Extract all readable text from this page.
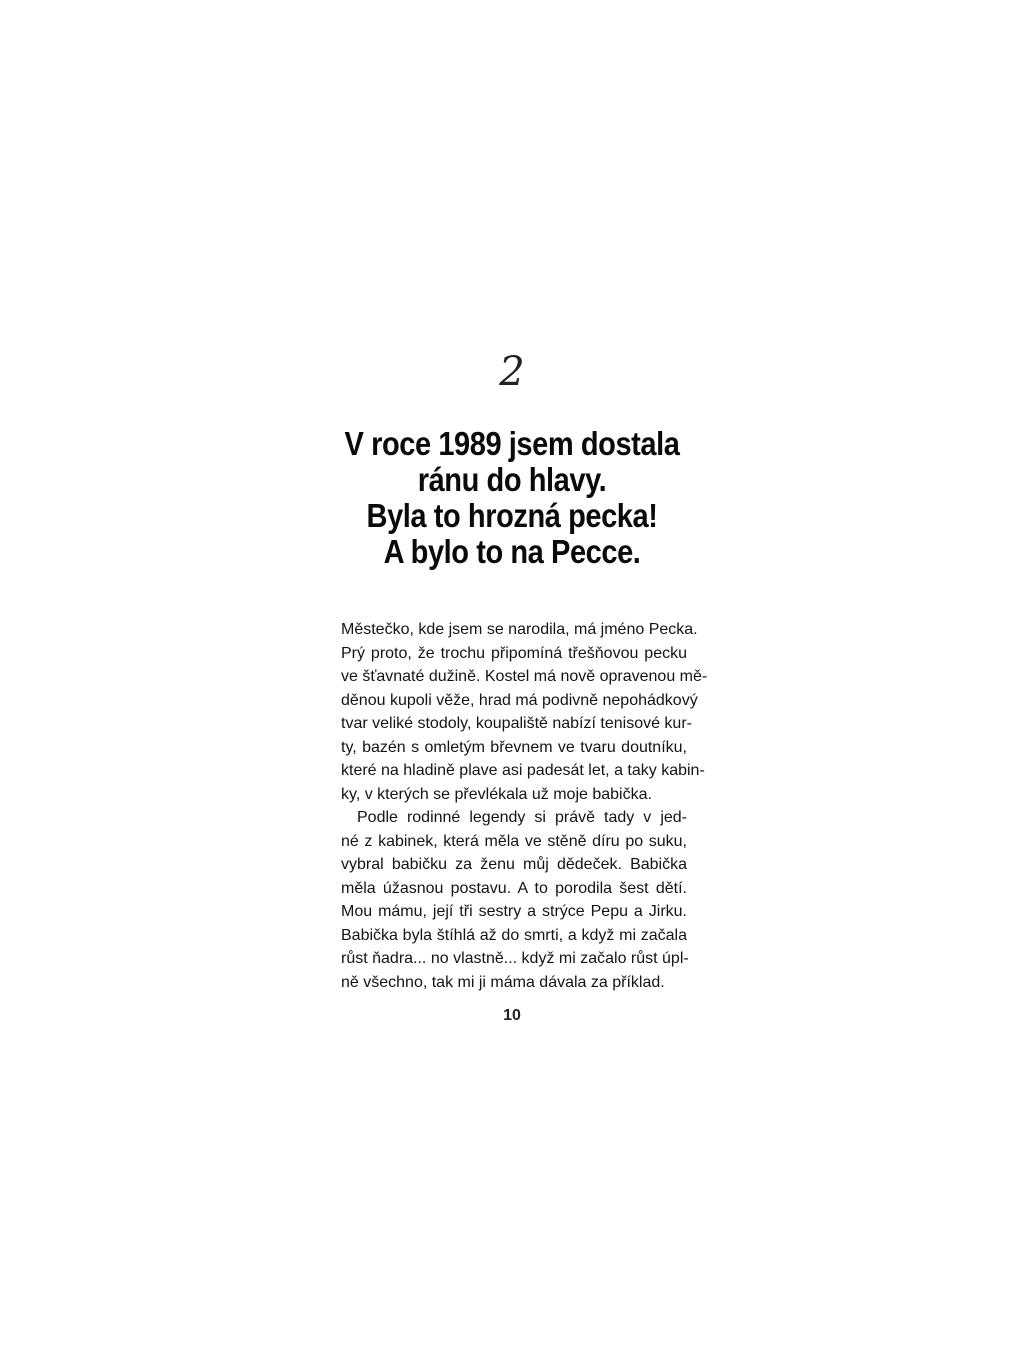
2
V roce 1989 jsem dostala
ránu do hlavy.
Byla to hrozná pecka!
A bylo to na Pecce.
Městečko, kde jsem se narodila, má jméno Pecka.
Prý proto, že trochu připomíná třešňovou pecku
ve šťavnaté dužině. Kostel má nově opravenou mě-
děnou kupoli věže, hrad má podivně nepohádkový
tvar veliké stodoly, koupaliště nabízí tenisové kur-
ty, bazén s omletým břevnem ve tvaru doutníku,
které na hladině plave asi padesát let, a taky kabin-
ky, v kterých se převlékala už moje babička.
Podle rodinné legendy si právě tady v jed-
né z kabinek, která měla ve stěně díru po suku,
vybral babičku za ženu můj dědeček. Babička
měla úžasnou postavu. A to porodila šest dětí.
Mou mámu, její tři sestry a strýce Pepu a Jirku.
Babička byla štíhlá až do smrti, a když mi začala
růst ňadra... no vlastně... když mi začalo růst úpl-
ně všechno, tak mi ji máma dávala za příklad.
10
